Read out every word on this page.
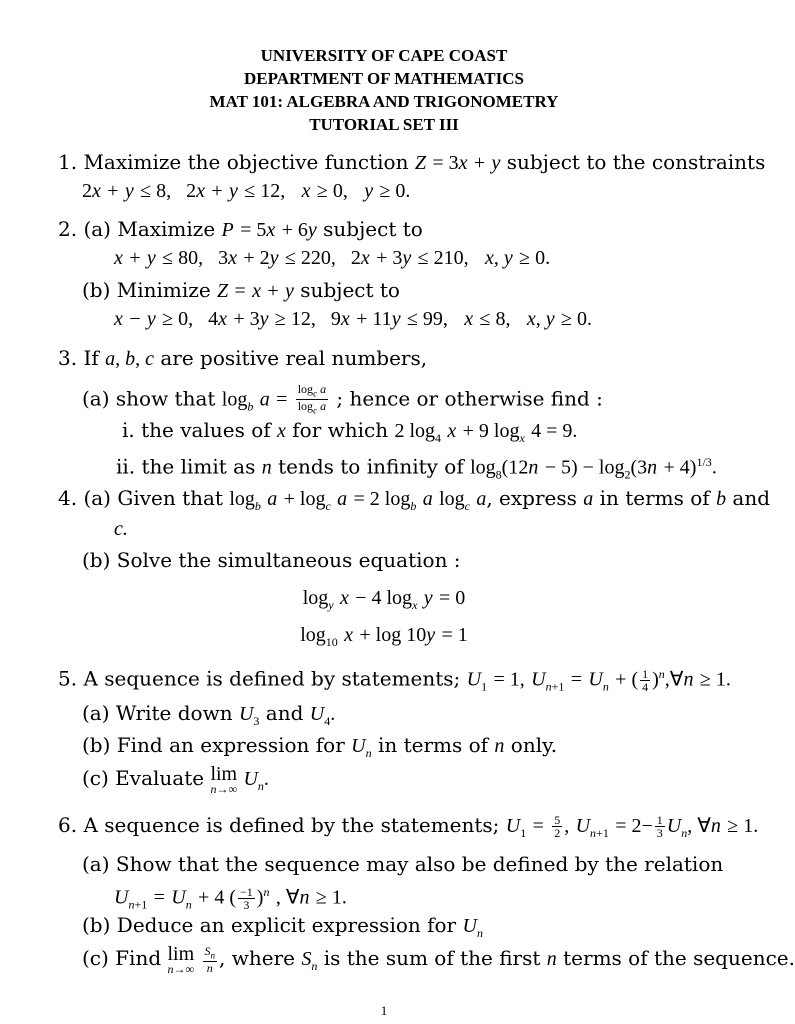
UNIVERSITY OF CAPE COAST
DEPARTMENT OF MATHEMATICS
MAT 101: ALGEBRA AND TRIGONOMETRY
TUTORIAL SET III
1. Maximize the objective function Z = 3x + y subject to the constraints
2x + y ≤ 8,   2x + y ≤ 12,   x ≥ 0,   y ≥ 0.
2. (a) Maximize P = 5x + 6y subject to
x + y ≤ 80,   3x + 2y ≤ 220,   2x + 3y ≤ 210,   x, y ≥ 0.
(b) Minimize Z = x + y subject to
x − y ≥ 0,   4x + 3y ≥ 12,   9x + 11y ≤ 99,   x ≤ 8,   x, y ≥ 0.
3. If a, b, c are positive real numbers,
(a) show that $\log_b a = \frac{\log_c a}{\log_c a}$ ; hence or otherwise find :
i. the values of x for which 2 $\log_4 x + 9$ $\log_x 4 = 9$.
ii. the limit as n tends to infinity of $\log_8(12n - 5) - \log_2(3n + 4)^{1/3}$.
4. (a) Given that $\log_b a + \log_c a = 2$ $\log_b a$ $\log_c a$, express a in terms of b and
c.
(b) Solve the simultaneous equation :
$\log_y x - 4$ $\log_x y = 0$
$\log_{10} x + \log 10y = 1$
5. A sequence is defined by statements; $U_1 = 1$, $U_{n+1} = U_n$ + ( $\frac{1}{4}$ )$^n$,∀n ≥ 1.
(a) Write down $U_3$ and $U_4$.
(b) Find an expression for $U_n$ in terms of n only.
(c) Evaluate lim
n→∞ $U_n$.
6. A sequence is defined by the statements; $U_1 = \frac{5}{2}$ , $U_{n+1} = 2- \frac{1}{3} U_n$, ∀n ≥ 1.
(a) Show that the sequence may also be defined by the relation
$U_{n+1} = U_n + 4$ ( $\frac{-1}{3} )^n$ , ∀n ≥ 1.
(b) Deduce an explicit expression for $U_n$
(c) Find lim
n→∞
$\frac{S_n}{n}$ , where $S_n$ is the sum of the first n terms of the sequence.
1
